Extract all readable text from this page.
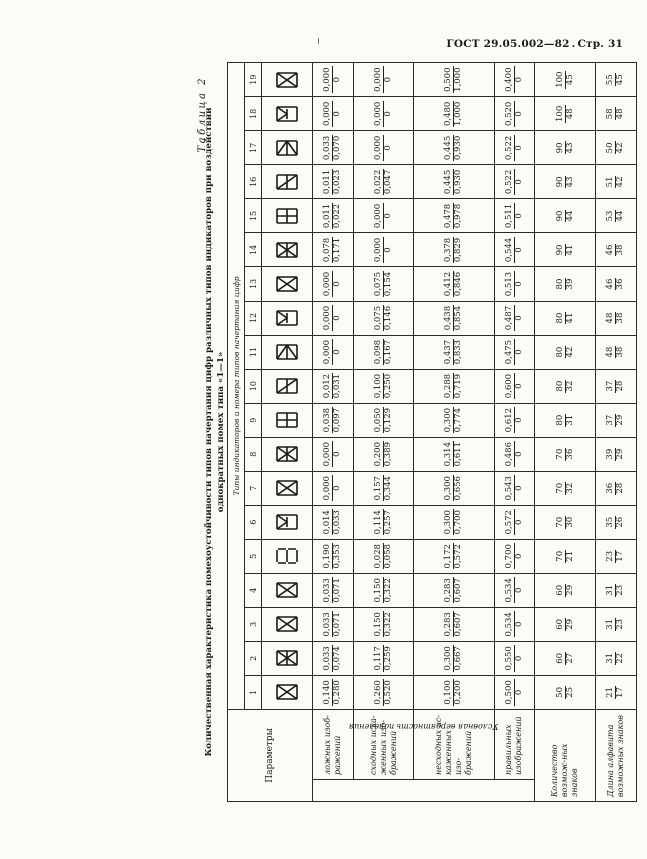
ГОСТ 29.05.002—82 . Стр. 31
Таблица 2
Количественная характеристика помехоустойчивости типов начертания цифр различных типов индикаторов при воздействии однократных помех типа «1—1»
Параметры		Типы индикаторов и номера типов начертания цифр																		
		1	2	3	4	5	6	7	8	9	10	11	12	13	14	15	16	17	18	19

Условная вероятность появления	ложных изоб-ражений	0,140 0,280	0,033 0,074	0,033 0,071	0,033 0,071	0,190 0,353	0,014 0,033	0,000 0	0,000 0	0,038 0,097	0,012 0,031	0,000 0	0,000 0	0,000 0	0,078 0,171	0,011 0,022	0,011 0,023	0,033 0,070	0,000 0	0,000 0

	сходных иска-женных изо-бражений	0,260 0,520	0,117 0,259	0,150 0,322	0,150 0,322	0,028 0,058	0,114 0,257	0,157 0,344	0,200 0,389	0,050 0,129	0,100 0,250	0,098 0,167	0,075 0,146	0,075 0,154	0,000 0	0,000 0	0,022 0,047	0,000 0	0,000 0	0,000 0

	несходных ис-каженных изо-бражений	0,100 0,200	0,300 0,667	0,283 0,607	0,283 0,607	0,172 0,572	0,300 0,700	0,300 0,656	0,314 0,611	0,300 0,774	0,288 0,719	0,437 0,833	0,438 0,854	0,412 0,846	0,378 0,829	0,478 0,978	0,445 0,930	0,445 0,930	0,480 1,000	0,500 1,000

	правильных изображений	0,500 0	0,550 0	0,534 0	0,534 0	0,700 0	0,572 0	0,543 0	0,486 0	0,612 0	0,600 0	0,475 0	0,487 0	0,513 0	0,544 0	0,511 0	0,522 0	0,522 0	0,520 0	0,400 0

Количество возмож-ных знаков		50 25	60 27	60 29	60 29	70 21	70 30	70 32	70 36	80 31	80 32	80 42	80 41	80 39	90 41	90 44	90 43	90 43	100 48	100 45

Длина алфавита возможных знаков		21 17	31 22	31 23	31 23	23 17	35 26	36 28	39 29	37 29	37 28	48 38	48 38	46 36	46 38	53 44	51 42	50 42	58 48	55 45
